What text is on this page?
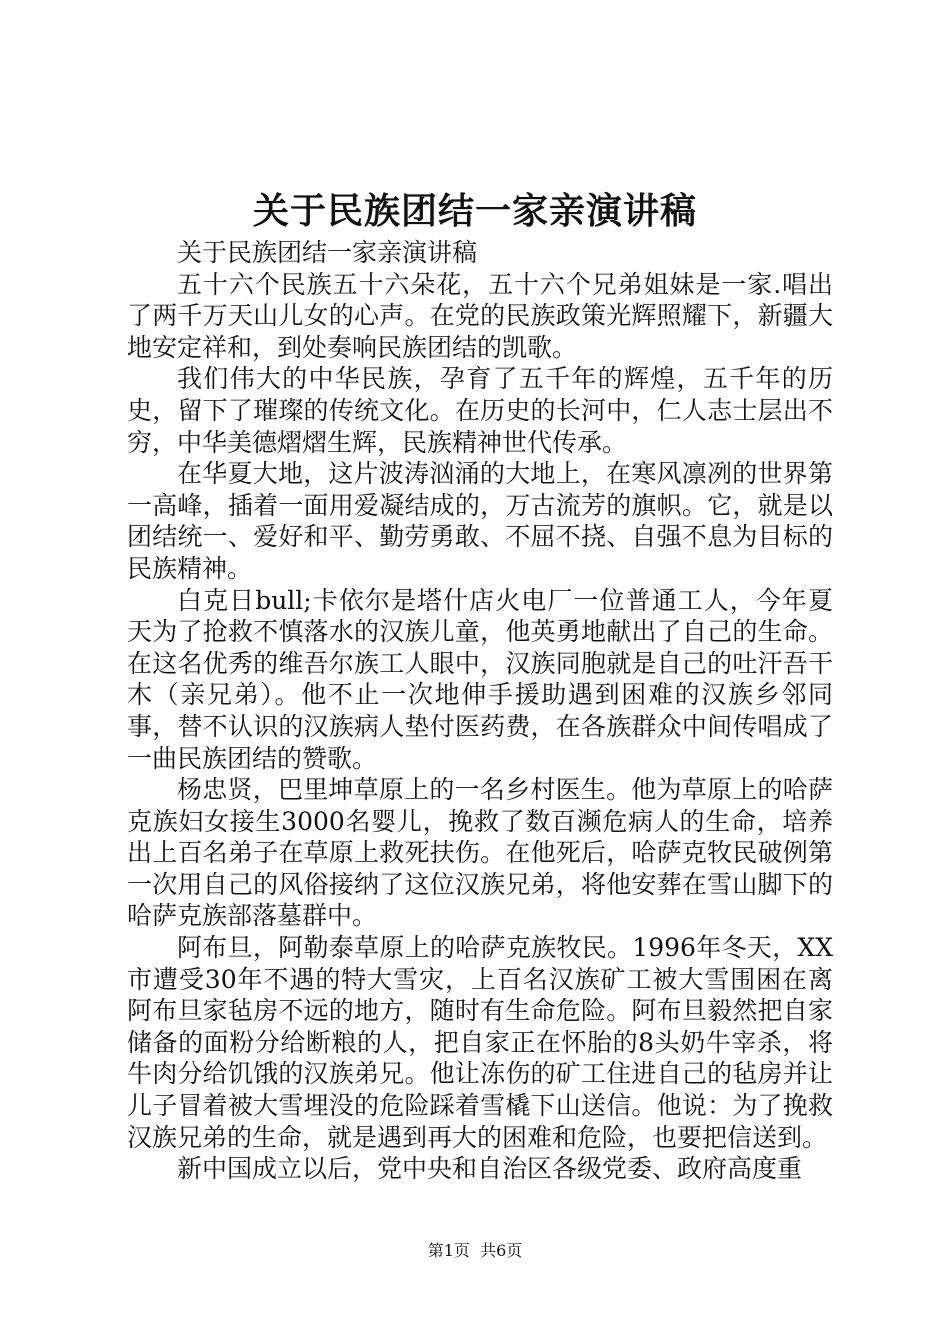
关于民族团结一家亲演讲稿

关于民族团结一家亲演讲稿

五十六个民族五十六朵花，五十六个兄弟姐妹是一家.唱出了两千万天山儿女的心声。在党的民族政策光辉照耀下，新疆大地安定祥和，到处奏响民族团结的凯歌。

我们伟大的中华民族，孕育了五千年的辉煌，五千年的历史，留下了璀璨的传统文化。在历史的长河中，仁人志士层出不穷，中华美德熠熠生辉，民族精神世代传承。

在华夏大地，这片波涛汹涌的大地上，在寒风凛冽的世界第一高峰，插着一面用爱凝结成的，万古流芳的旗帜。它，就是以团结统一、爱好和平、勤劳勇敢、不屈不挠、自强不息为目标的民族精神。

白克日bull;卡依尔是塔什店火电厂一位普通工人，今年夏天为了抢救不慎落水的汉族儿童，他英勇地献出了自己的生命。在这名优秀的维吾尔族工人眼中，汉族同胞就是自己的吐汗吾干木（亲兄弟）。他不止一次地伸手援助遇到困难的汉族乡邻同事，替不认识的汉族病人垫付医药费，在各族群众中间传唱成了一曲民族团结的赞歌。

杨忠贤，巴里坤草原上的一名乡村医生。他为草原上的哈萨克族妇女接生3000名婴儿，挽救了数百濒危病人的生命，培养出上百名弟子在草原上救死扶伤。在他死后，哈萨克牧民破例第一次用自己的风俗接纳了这位汉族兄弟，将他安葬在雪山脚下的哈萨克族部落墓群中。

阿布旦，阿勒泰草原上的哈萨克族牧民。1996年冬天，XX市遭受30年不遇的特大雪灾，上百名汉族矿工被大雪围困在离阿布旦家毡房不远的地方，随时有生命危险。阿布旦毅然把自家储备的面粉分给断粮的人，把自家正在怀胎的8头奶牛宰杀，将牛肉分给饥饿的汉族弟兄。他让冻伤的矿工住进自己的毡房并让儿子冒着被大雪埋没的危险踩着雪橇下山送信。他说：为了挽救汉族兄弟的生命，就是遇到再大的困难和危险，也要把信送到。

新中国成立以后，党中央和自治区各级党委、政府高度重

第1页 共6页
